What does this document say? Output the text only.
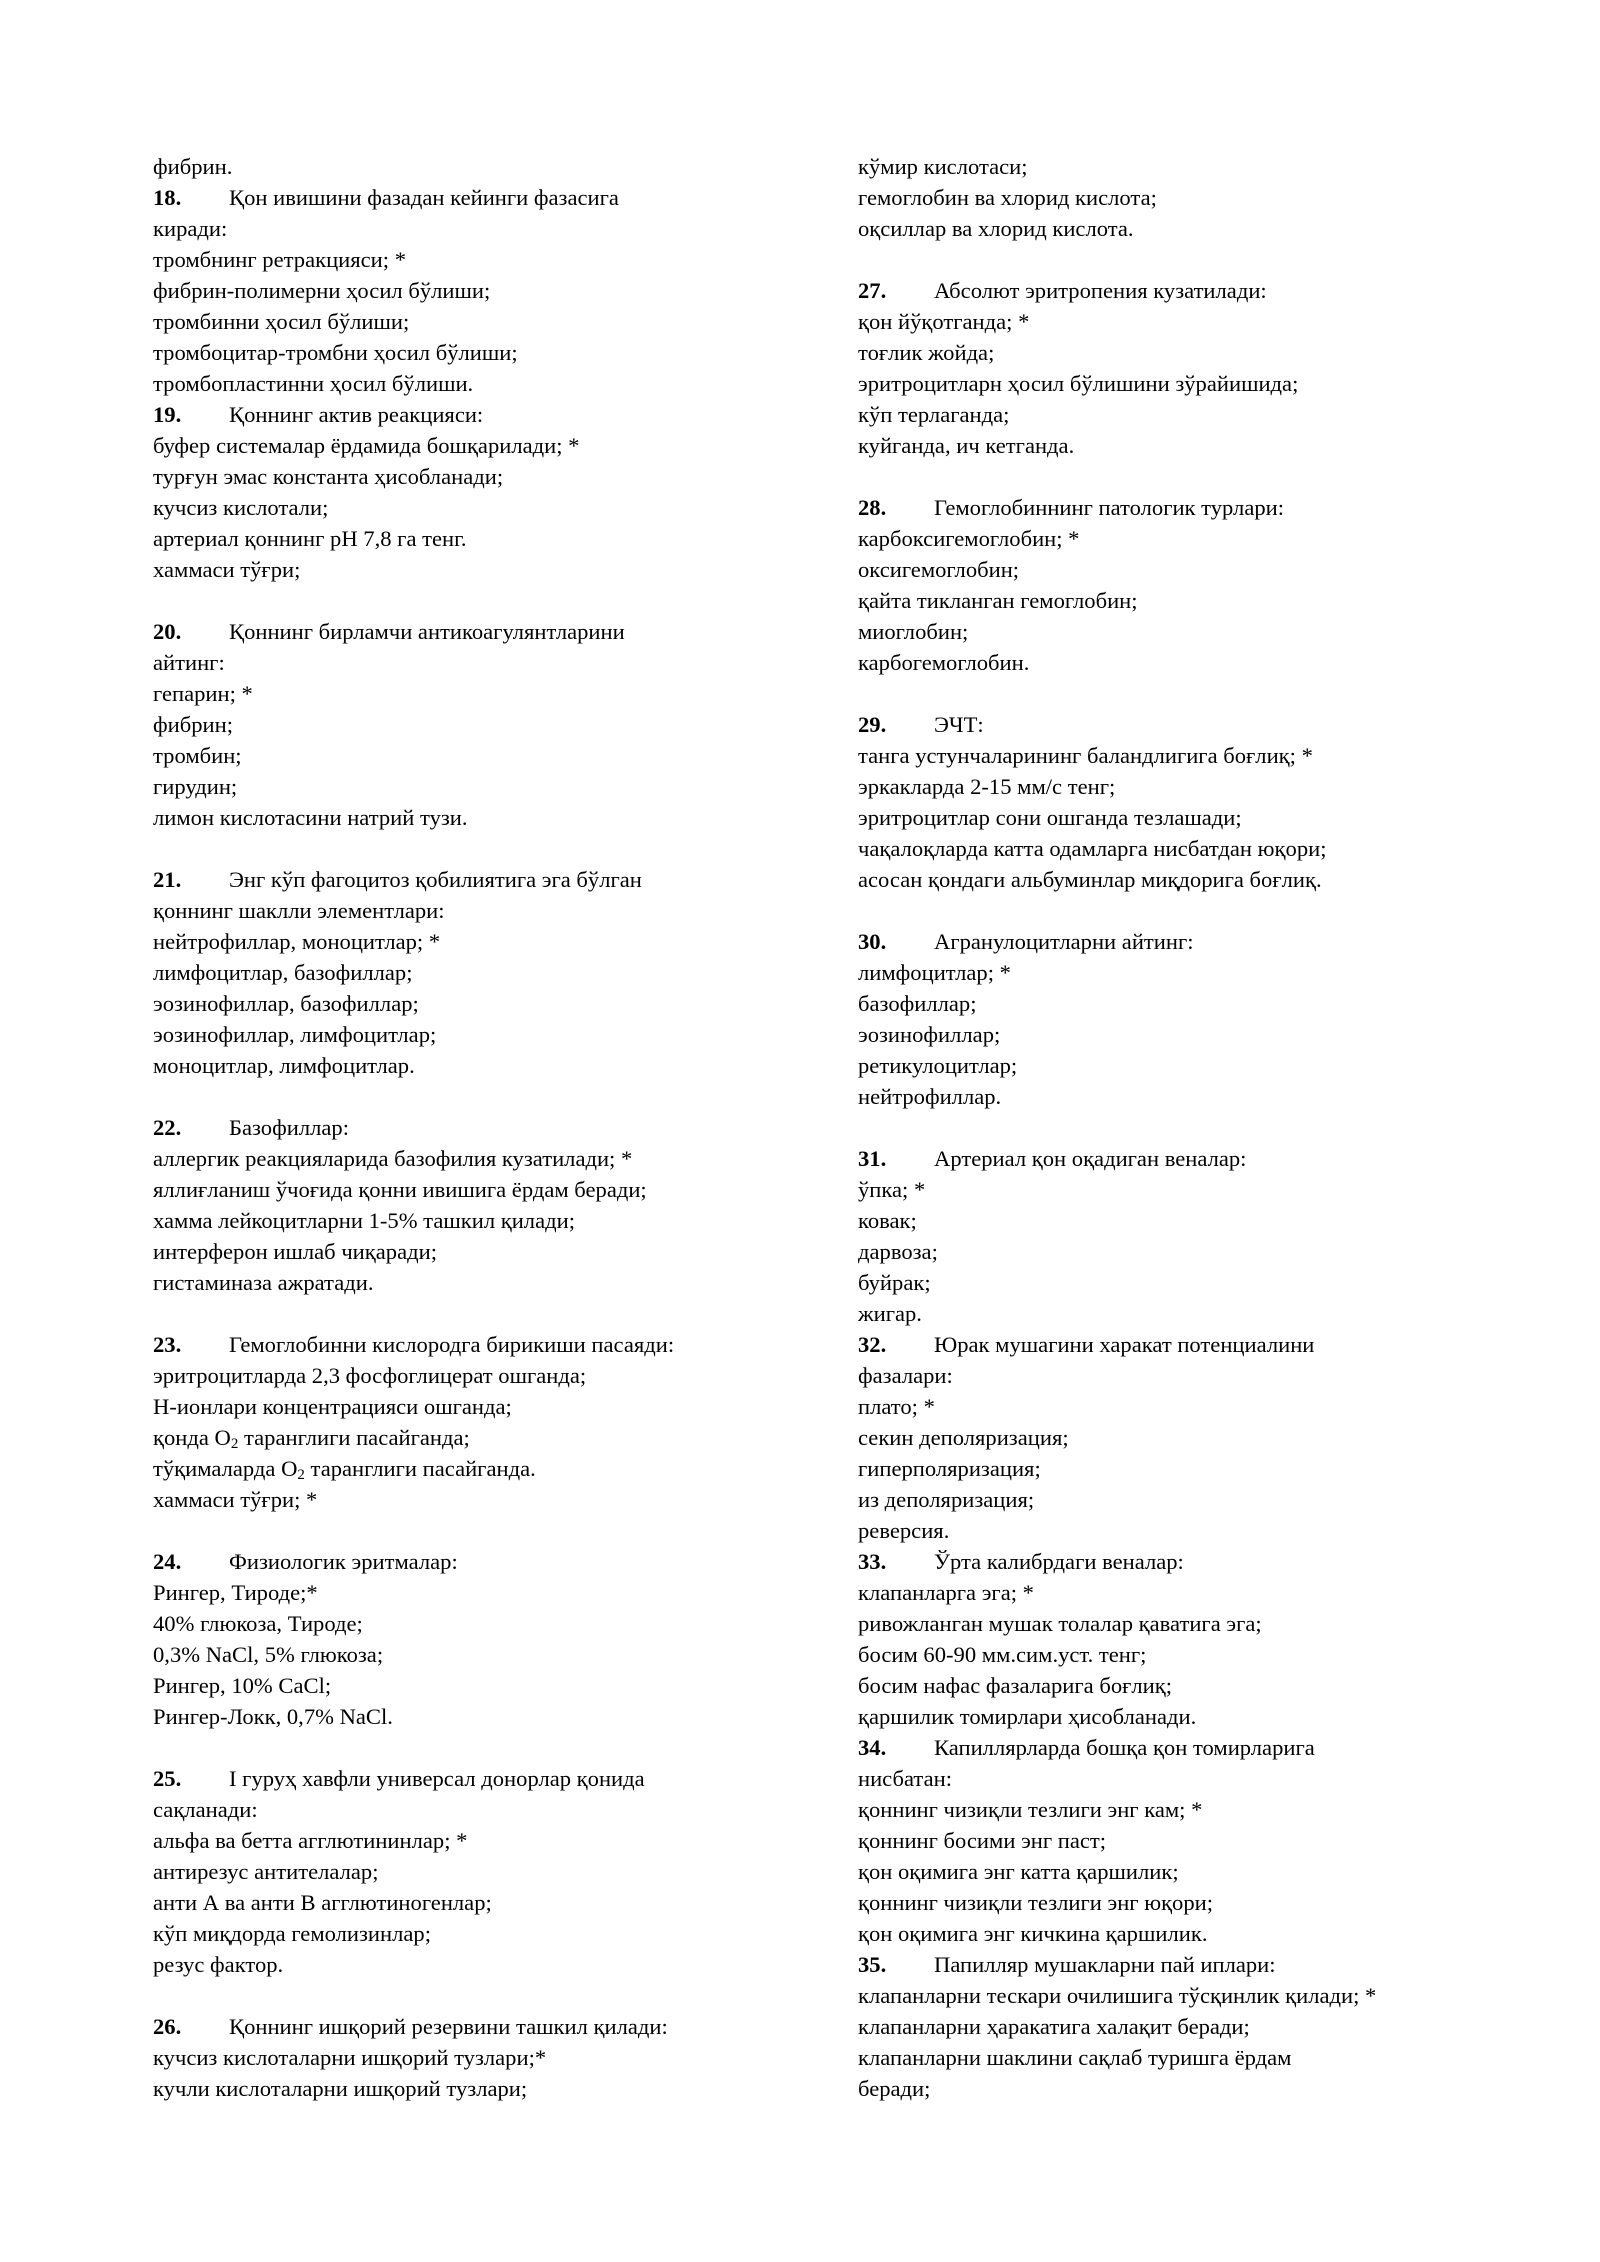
фибрин.
18. Қон ивишини фазадан кейинги фазасига
киради:
тромбнинг ретракцияси; *
фибрин-полимерни ҳосил бўлиши;
тромбинни ҳосил бўлиши;
тромбоцитар-тромбни ҳосил бўлиши;
тромбопластинни ҳосил бўлиши.
19. Қоннинг актив реакцияси:
буфер системалар ёрдамида бошқарилади; *
турғун эмас константа ҳисобланади;
кучсиз кислотали;
артериал қоннинг рН 7,8 га тенг.
хаммаси тўғри;
20. Қоннинг бирламчи антикоагулянтларини
айтинг:
гепарин; *
фибрин;
тромбин;
гирудин;
лимон кислотасини натрий тузи.
21. Энг кўп фагоцитоз қобилиятига эга бўлган
қоннинг шаклли элементлари:
нейтрофиллар, моноцитлар; *
лимфоцитлар, базофиллар;
эозинофиллар, базофиллар;
эозинофиллар, лимфоцитлар;
моноцитлар, лимфоцитлар.
22. Базофиллар:
аллергик реакцияларида базофилия кузатилади; *
яллиғланиш ўчоғида қонни ивишига ёрдам беради;
хамма лейкоцитларни 1-5% ташкил қилади;
интерферон ишлаб чиқаради;
гистаминаза ажратади.
23. Гемоглобинни кислородга бирикиши пасаяди:
эритроцитларда 2,3 фосфоглицерат ошганда;
Н-ионлари концентрацияси ошганда;
қонда $O_2$ таранглиги пасайганда;
тўқималарда $O_2$ таранглиги пасайганда.
хаммаси тўғри; *
24. Физиологик эритмалар:
Рингер, Тироде;*
40% глюкоза, Тироде;
0,3% NaCl, 5% глюкоза;
Рингер, 10% CaCl;
Рингер-Локк, 0,7% NaCl.
25. I гуруҳ хавфли универсал донорлар қонида
сақланади:
альфа ва бетта агглютининлар; *
антирезус антителалар;
анти А ва анти В агглютиногенлар;
кўп миқдорда гемолизинлар;
резус фактор.
26. Қоннинг ишқорий резервини ташкил қилади:
кучсиз кислоталарни ишқорий тузлари;*
кучли кислоталарни ишқорий тузлари;
кўмир кислотаси;
гемоглобин ва хлорид кислота;
оқсиллар ва хлорид кислота.
27. Абсолют эритропения кузатилади:
қон йўқотганда; *
тоғлик жойда;
эритроцитларн ҳосил бўлишини зўрайишида;
кўп терлаганда;
куйганда, ич кетганда.
28. Гемоглобиннинг патологик турлари:
карбоксигемоглобин; *
оксигемоглобин;
қайта тикланган гемоглобин;
миоглобин;
карбогемоглобин.
29. ЭЧТ:
танга устунчаларининг баландлигига боғлиқ; *
эркакларда 2-15 мм/с тенг;
эритроцитлар сони ошганда тезлашади;
чақалоқларда катта одамларга нисбатдан юқори;
асосан қондаги альбуминлар миқдорига боғлиқ.
30. Агранулоцитларни айтинг:
лимфоцитлар; *
базофиллар;
эозинофиллар;
ретикулоцитлар;
нейтрофиллар.
31. Артериал қон оқадиган веналар:
ўпка; *
ковак;
дарвоза;
буйрак;
жигар.
32. Юрак мушагини харакат потенциалини
фазалари:
плато; *
секин деполяризация;
гиперполяризация;
из деполяризация;
реверсия.
33. Ўрта калибрдаги веналар:
клапанларга эга; *
ривожланган мушак толалар қаватига эга;
босим 60-90 мм.сим.уст. тенг;
босим нафас фазаларига боғлиқ;
қаршилик томирлари ҳисобланади.
34. Капиллярларда бошқа қон томирларига
нисбатан:
қоннинг чизиқли тезлиги энг кам; *
қоннинг босими энг паст;
қон оқимига энг катта қаршилик;
қоннинг чизиқли тезлиги энг юқори;
қон оқимига энг кичкина қаршилик.
35. Папилляр мушакларни пай иплари:
клапанларни тескари очилишига тўсқинлик қилади; *
клапанларни ҳаракатига халақит беради;
клапанларни шаклини сақлаб туришга ёрдам
беради;
